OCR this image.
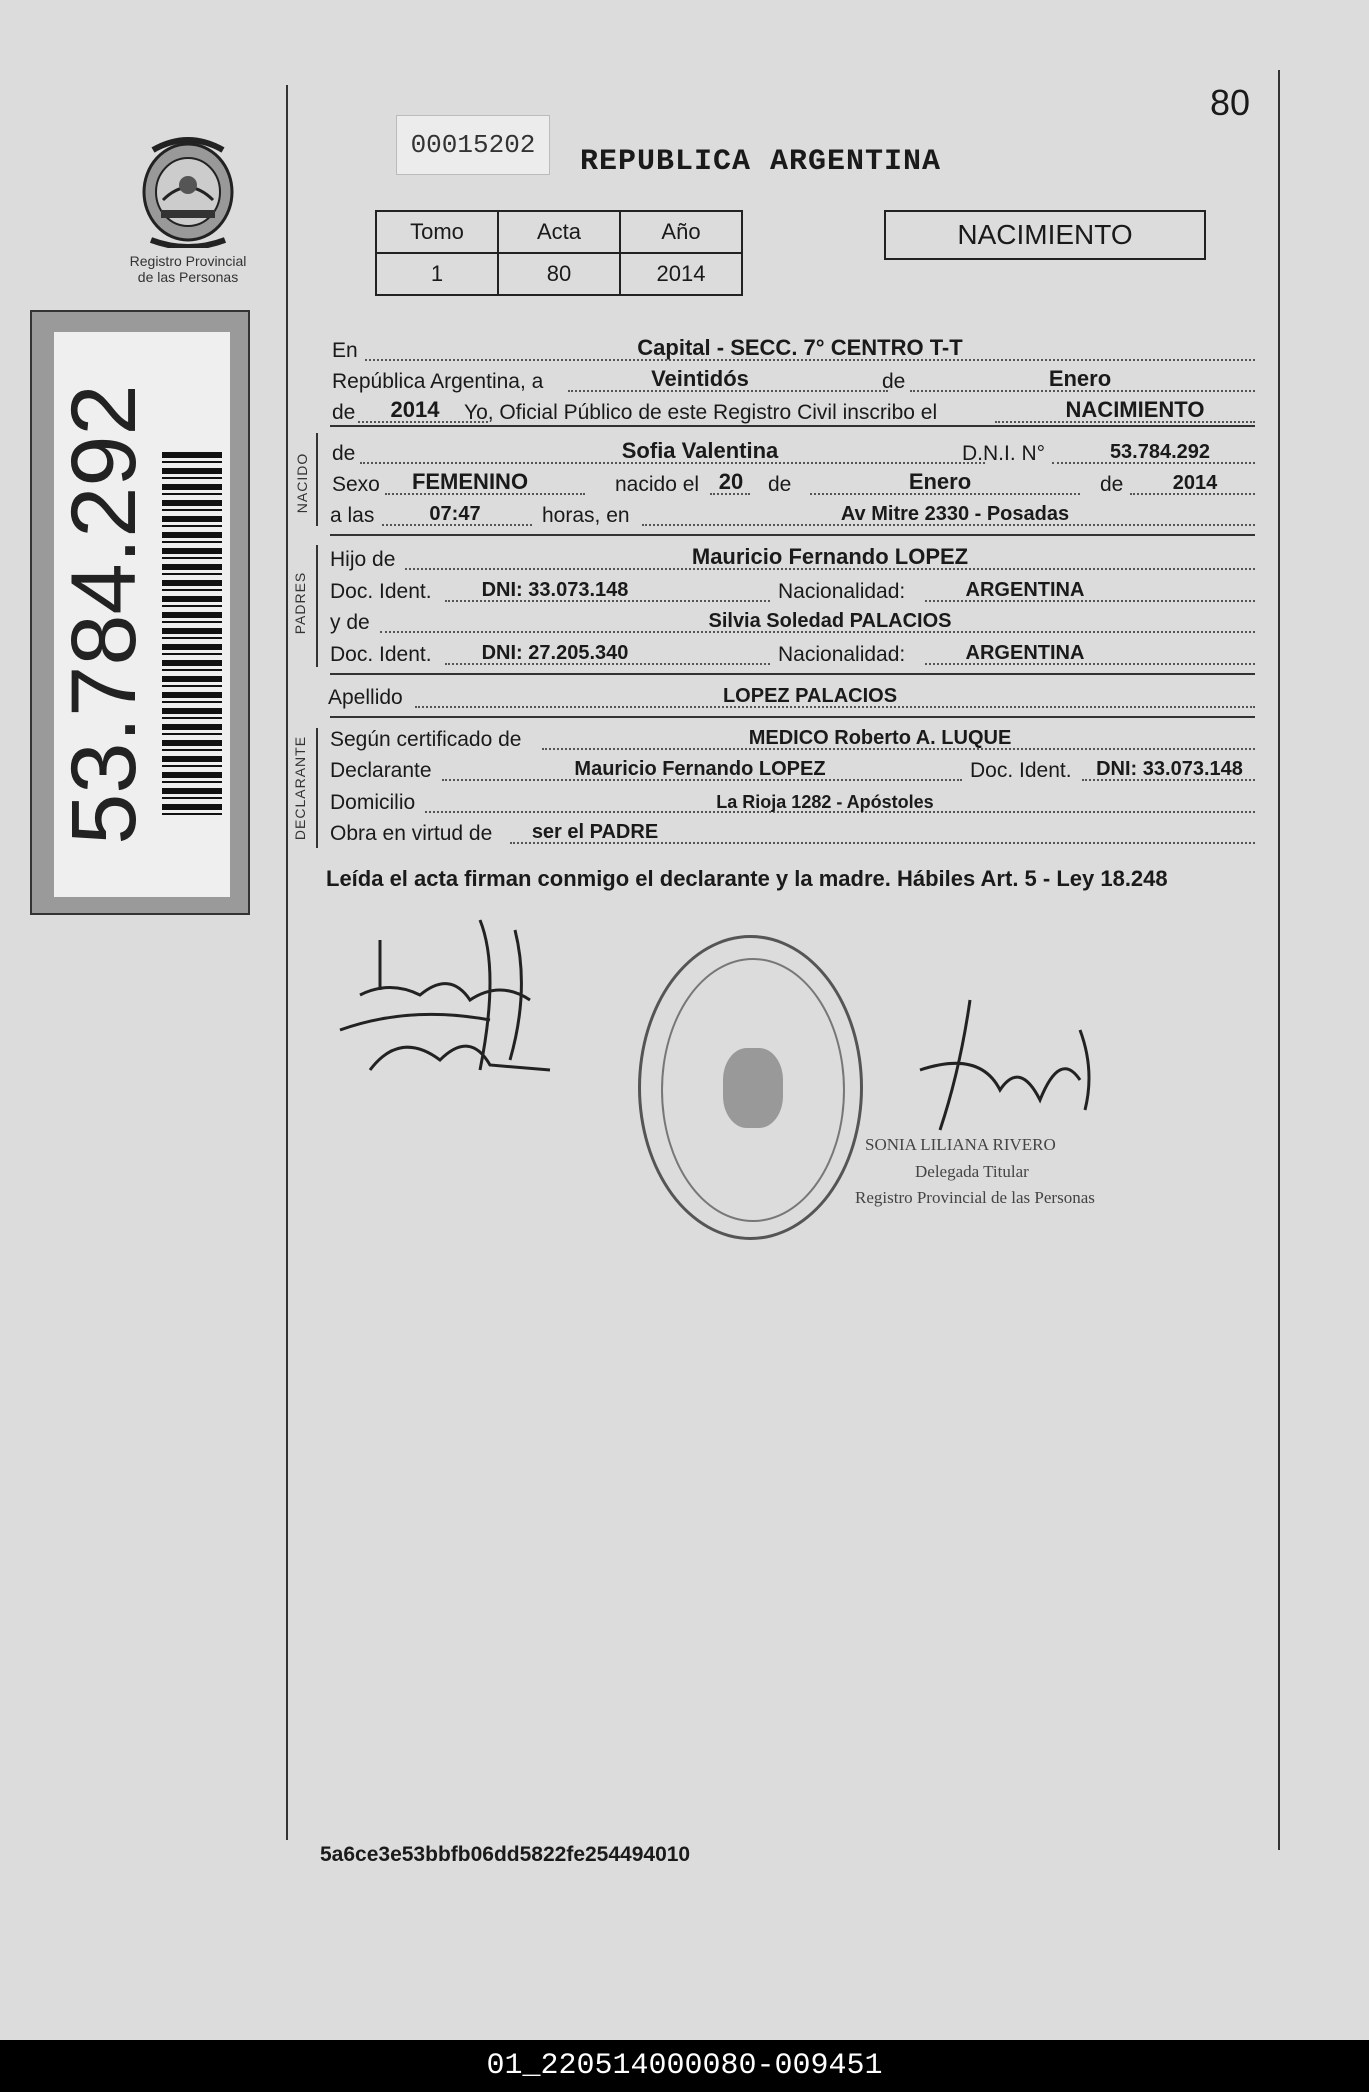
Registro Provincial
de las Personas
53.784.292
00015202	REPUBLICA ARGENTINA
80
Tomo	Acta	Año
1	80	2014
NACIMIENTO
En	Capital - SECC. 7° CENTRO T-T
República Argentina, a	Veintidós	de	Enero
de	2014	Yo, Oficial Público de este Registro Civil inscribo el	NACIMIENTO
NACIDO de	Sofia Valentina	D.N.I. N°	53.784.292
Sexo	FEMENINO	nacido el 20 de	Enero	de	2014
a las	07:47	horas, en	Av Mitre 2330 - Posadas
PADRES
Hijo de	Mauricio Fernando LOPEZ
Doc. Ident.	DNI: 33.073.148	Nacionalidad:	ARGENTINA
y de	Silvia Soledad PALACIOS
Doc. Ident.	DNI: 27.205.340	Nacionalidad:	ARGENTINA
Apellido	LOPEZ PALACIOS
DECLARANTE Según certificado de	MEDICO Roberto A. LUQUE
Declarante	Mauricio Fernando LOPEZ	Doc. Ident.	DNI: 33.073.148
Domicilio	La Rioja 1282 - Apóstoles
Obra en virtud de	ser el PADRE
Leída el acta firman conmigo el declarante y la madre. Hábiles Art. 5 - Ley 18.248
SONIA LILIANA RIVERO
Delegada Titular
Registro Provincial de las Personas
5a6ce3e53bbfb06dd5822fe254494010
01_220514000080-009451
